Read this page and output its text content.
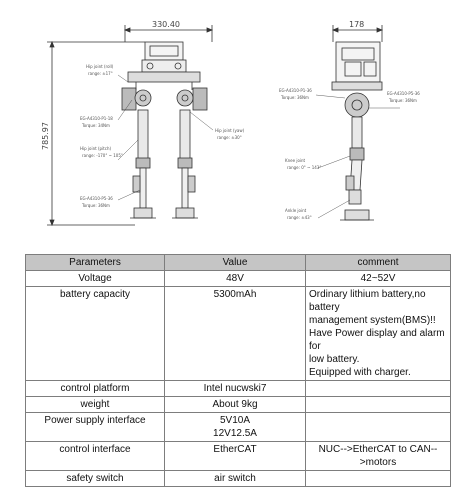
330.40
785.97
Hip joint (roll)
range: ±17°
EG-A4310-P1-18
Torque: 34Nm
Hip joint (yaw)
range: ±30°
Hip joint (pitch)
range: -170° ~ 105°
EG-A4310-P5-36
Torque: 36Nm
178
EG-A4310-P1-36
Torque: 36Nm
EG-A4310-P5-36
Torque: 36Nm
Knee joint
range: 0° ~ 143°
Ankle joint
range: ±43°
Parameters	Value	comment
Voltage	48V	42~52V

battery capacity	5300mAh	Ordinary lithium battery,no battery
management system(BMS)!!
Have Power display and alarm for
low battery.
Equipped with charger.

control platform	Intel nucwski7	

weight	About 9kg	

Power supply interface	5V10A
12V12.5A	

control interface	EtherCAT	NUC-->EtherCAT to CAN-->motors

safety switch	air switch	
